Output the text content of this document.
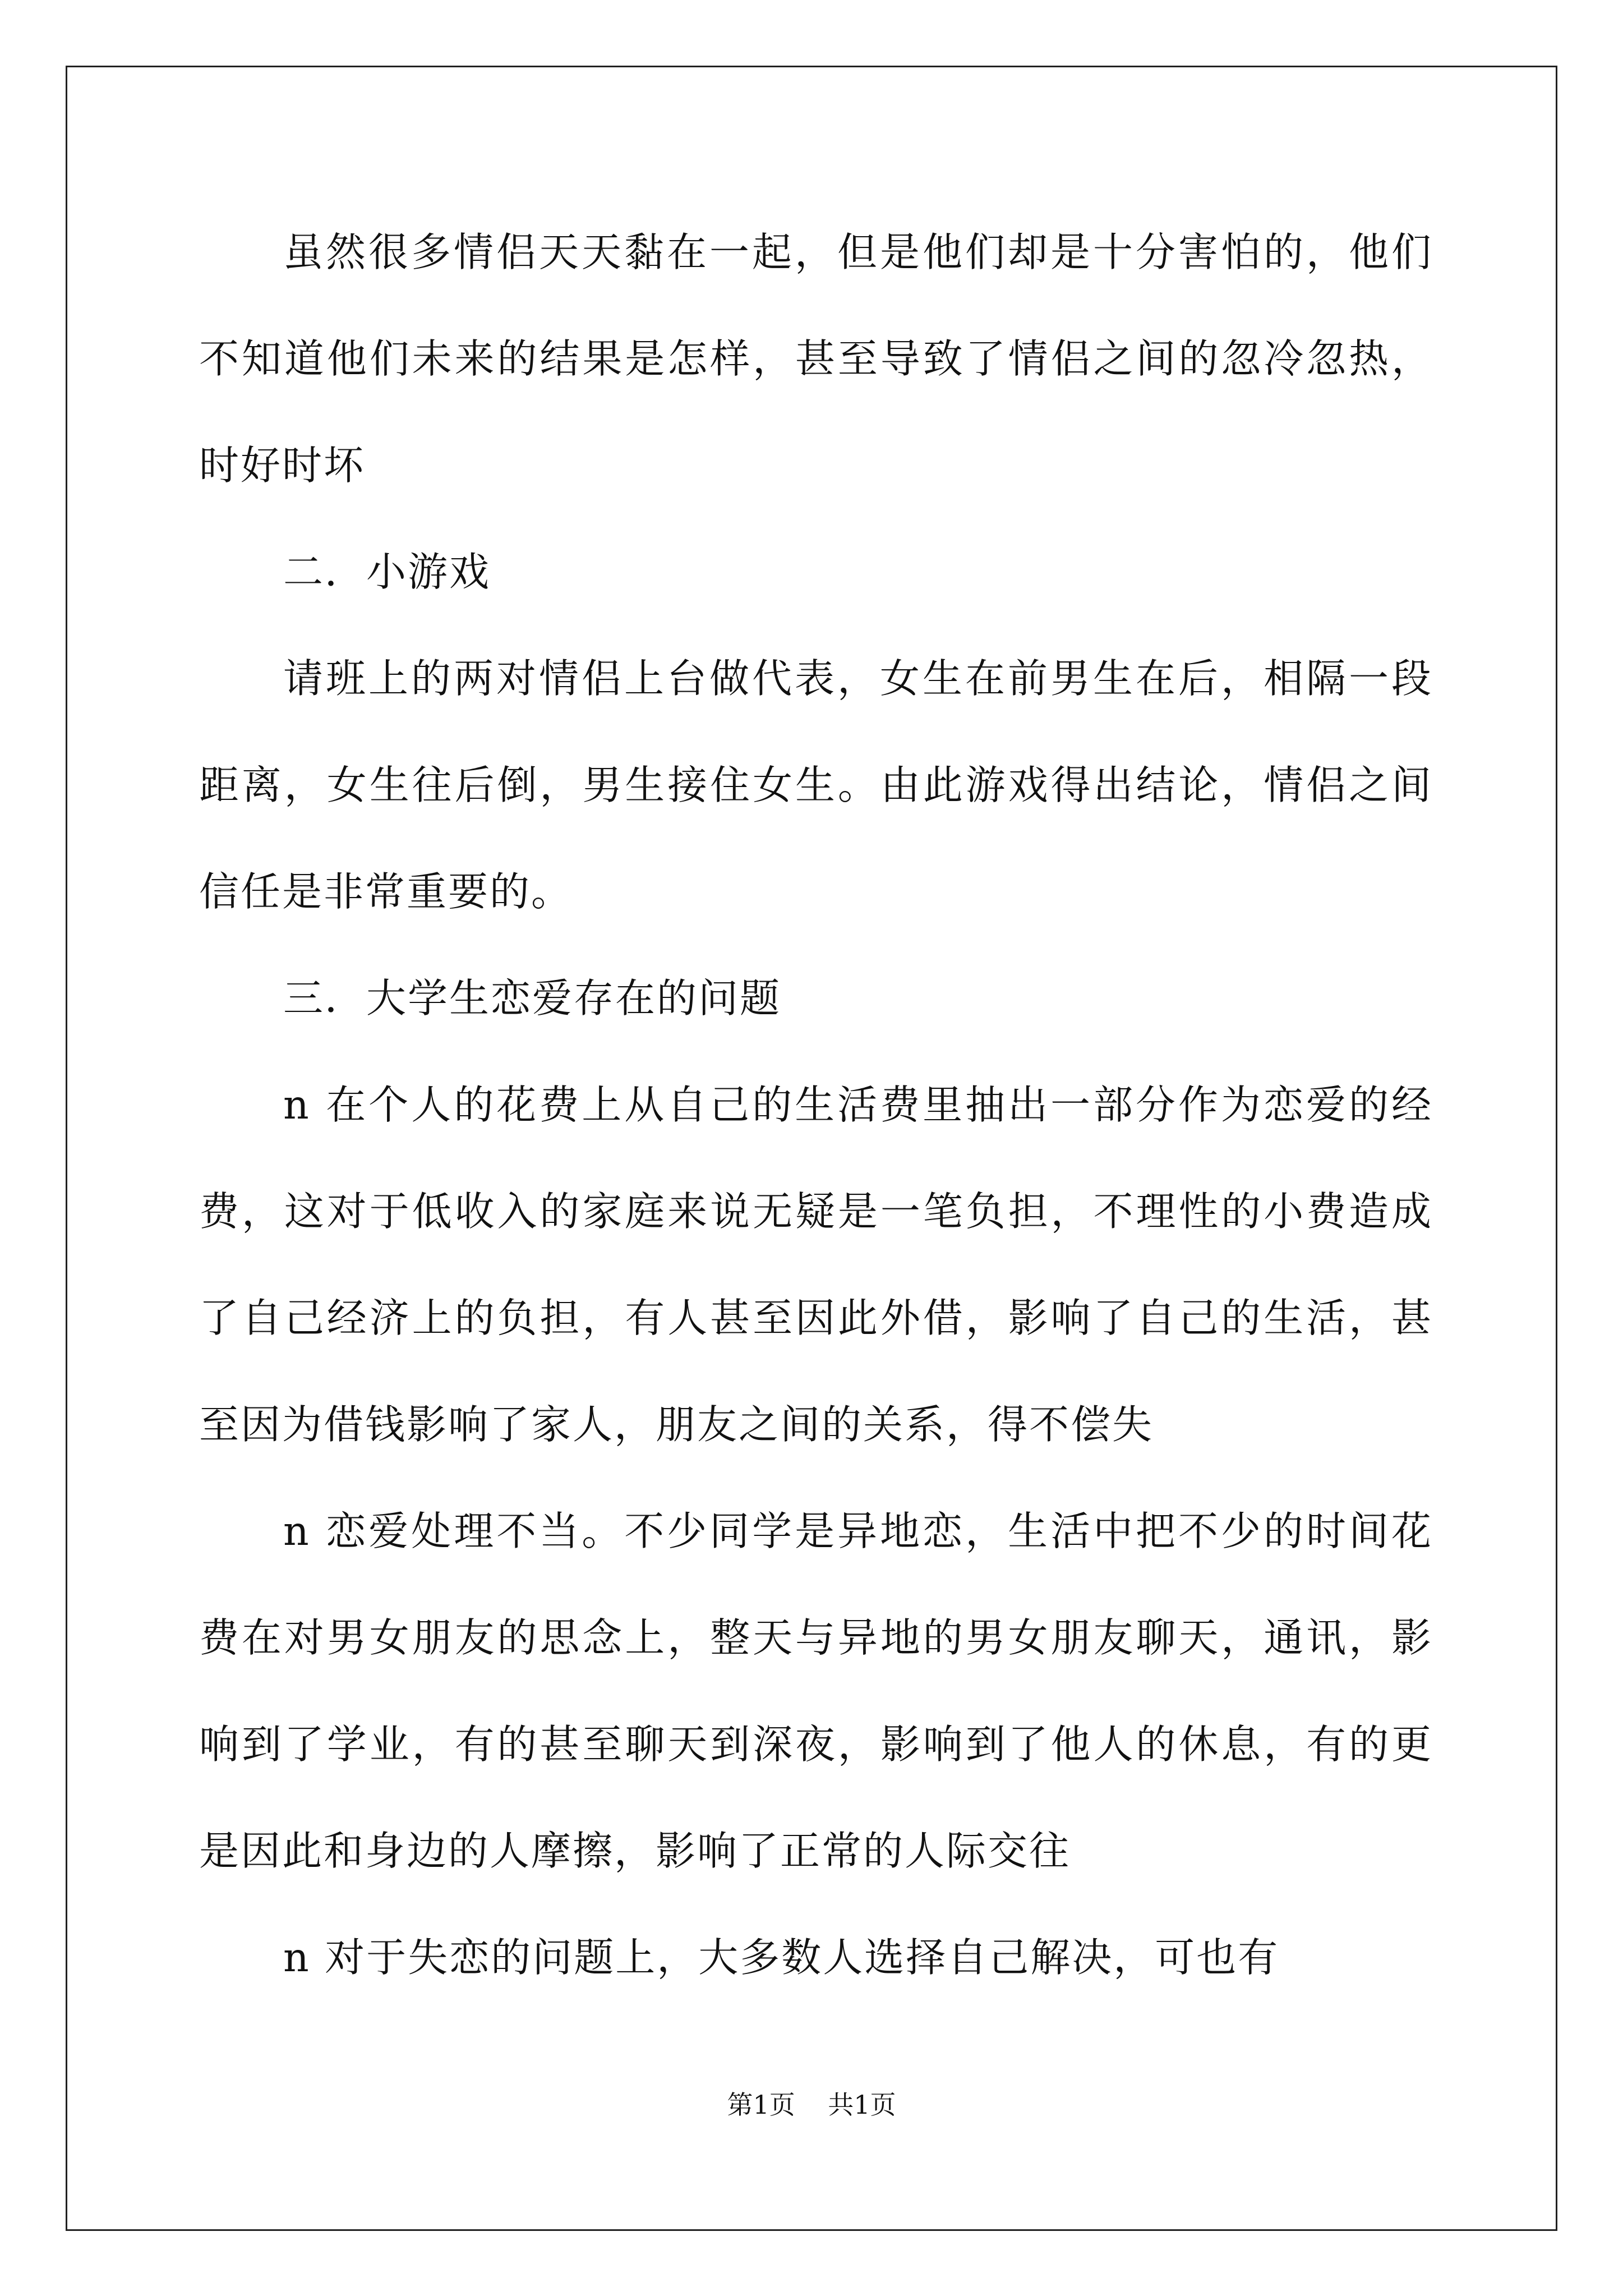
虽然很多情侣天天黏在一起，但是他们却是十分害怕的，他们不知道他们未来的结果是怎样，甚至导致了情侣之间的忽冷忽热，时好时坏

二．小游戏

请班上的两对情侣上台做代表，女生在前男生在后，相隔一段距离，女生往后倒，男生接住女生。由此游戏得出结论，情侣之间信任是非常重要的。

三．大学生恋爱存在的问题

n 在个人的花费上从自己的生活费里抽出一部分作为恋爱的经费，这对于低收入的家庭来说无疑是一笔负担，不理性的小费造成了自己经济上的负担，有人甚至因此外借，影响了自己的生活，甚至因为借钱影响了家人，朋友之间的关系，得不偿失

n 恋爱处理不当。不少同学是异地恋，生活中把不少的时间花费在对男女朋友的思念上，整天与异地的男女朋友聊天，通讯，影响到了学业，有的甚至聊天到深夜，影响到了他人的休息，有的更是因此和身边的人摩擦，影响了正常的人际交往

n 对于失恋的问题上，大多数人选择自己解决，可也有

第1页 共1页
